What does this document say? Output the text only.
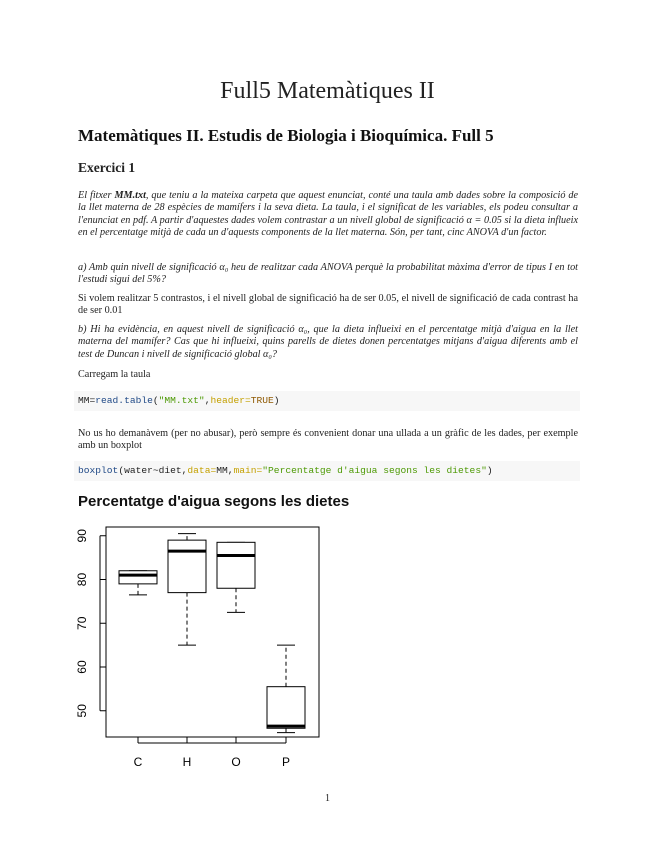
Full5 Matemàtiques II
Matemàtiques II. Estudis de Biologia i Bioquímica. Full 5
Exercici 1
El fitxer MM.txt, que teniu a la mateixa carpeta que aquest enunciat, conté una taula amb dades sobre la composició de la llet materna de 28 espècies de mamífers i la seva dieta. La taula, i el significat de les variables, els podeu consultar a l'enunciat en pdf. A partir d'aquestes dades volem contrastar a un nivell global de significació α = 0.05 si la dieta influeix en el percentatge mitjà de cada un d'aquests components de la llet materna. Són, per tant, cinc ANOVA d'un factor.
a) Amb quin nivell de significació α₀ heu de realitzar cada ANOVA perquè la probabilitat màxima d'error de tipus I en tot l'estudi sigui del 5%?
Si volem realitzar 5 contrastos, i el nivell global de significació ha de ser 0.05, el nivell de significació de cada contrast ha de ser 0.01
b) Hi ha evidència, en aquest nivell de significació α₀, que la dieta influeixi en el percentatge mitjà d'aigua en la llet materna del mamífer? Cas que hi influeixi, quins parells de dietes donen percentatges mitjans d'aigua diferents amb el test de Duncan i nivell de significació global α₀?
Carregam la taula
MM=read.table("MM.txt",header=TRUE)
No us ho demanàvem (per no abusar), però sempre és convenient donar una ullada a un gràfic de les dades, per exemple amb un boxplot
boxplot(water~diet,data=MM,main="Percentatge d'aigua segons les dietes")
Percentatge d'aigua segons les dietes
50
60
70
80
90
C	H	O	P
1
